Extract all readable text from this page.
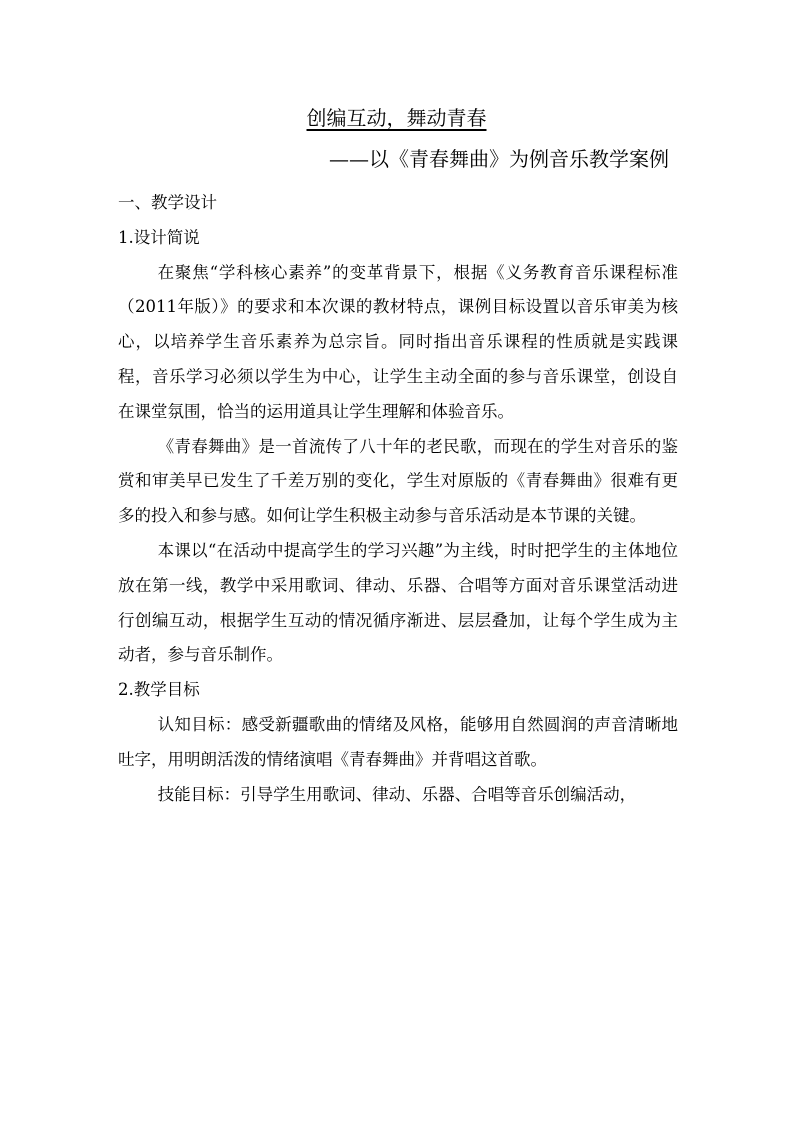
创编互动，舞动青春
——以《青春舞曲》为例音乐教学案例

一、教学设计

1.设计简说

在聚焦“学科核心素养”的变革背景下，根据《义务教育音乐课程标准（2011年版）》的要求和本次课的教材特点，课例目标设置以音乐审美为核心，以培养学生音乐素养为总宗旨。同时指出音乐课程的性质就是实践课程，音乐学习必须以学生为中心，让学生主动全面的参与音乐课堂，创设自在课堂氛围，恰当的运用道具让学生理解和体验音乐。

《青春舞曲》是一首流传了八十年的老民歌，而现在的学生对音乐的鉴赏和审美早已发生了千差万别的变化，学生对原版的《青春舞曲》很难有更多的投入和参与感。如何让学生积极主动参与音乐活动是本节课的关键。

本课以“在活动中提高学生的学习兴趣”为主线，时时把学生的主体地位放在第一线，教学中采用歌词、律动、乐器、合唱等方面对音乐课堂活动进行创编互动，根据学生互动的情况循序渐进、层层叠加，让每个学生成为主动者，参与音乐制作。

2.教学目标

认知目标：感受新疆歌曲的情绪及风格，能够用自然圆润的声音清晰地吐字，用明朗活泼的情绪演唱《青春舞曲》并背唱这首歌。

技能目标：引导学生用歌词、律动、乐器、合唱等音乐创编活动，
